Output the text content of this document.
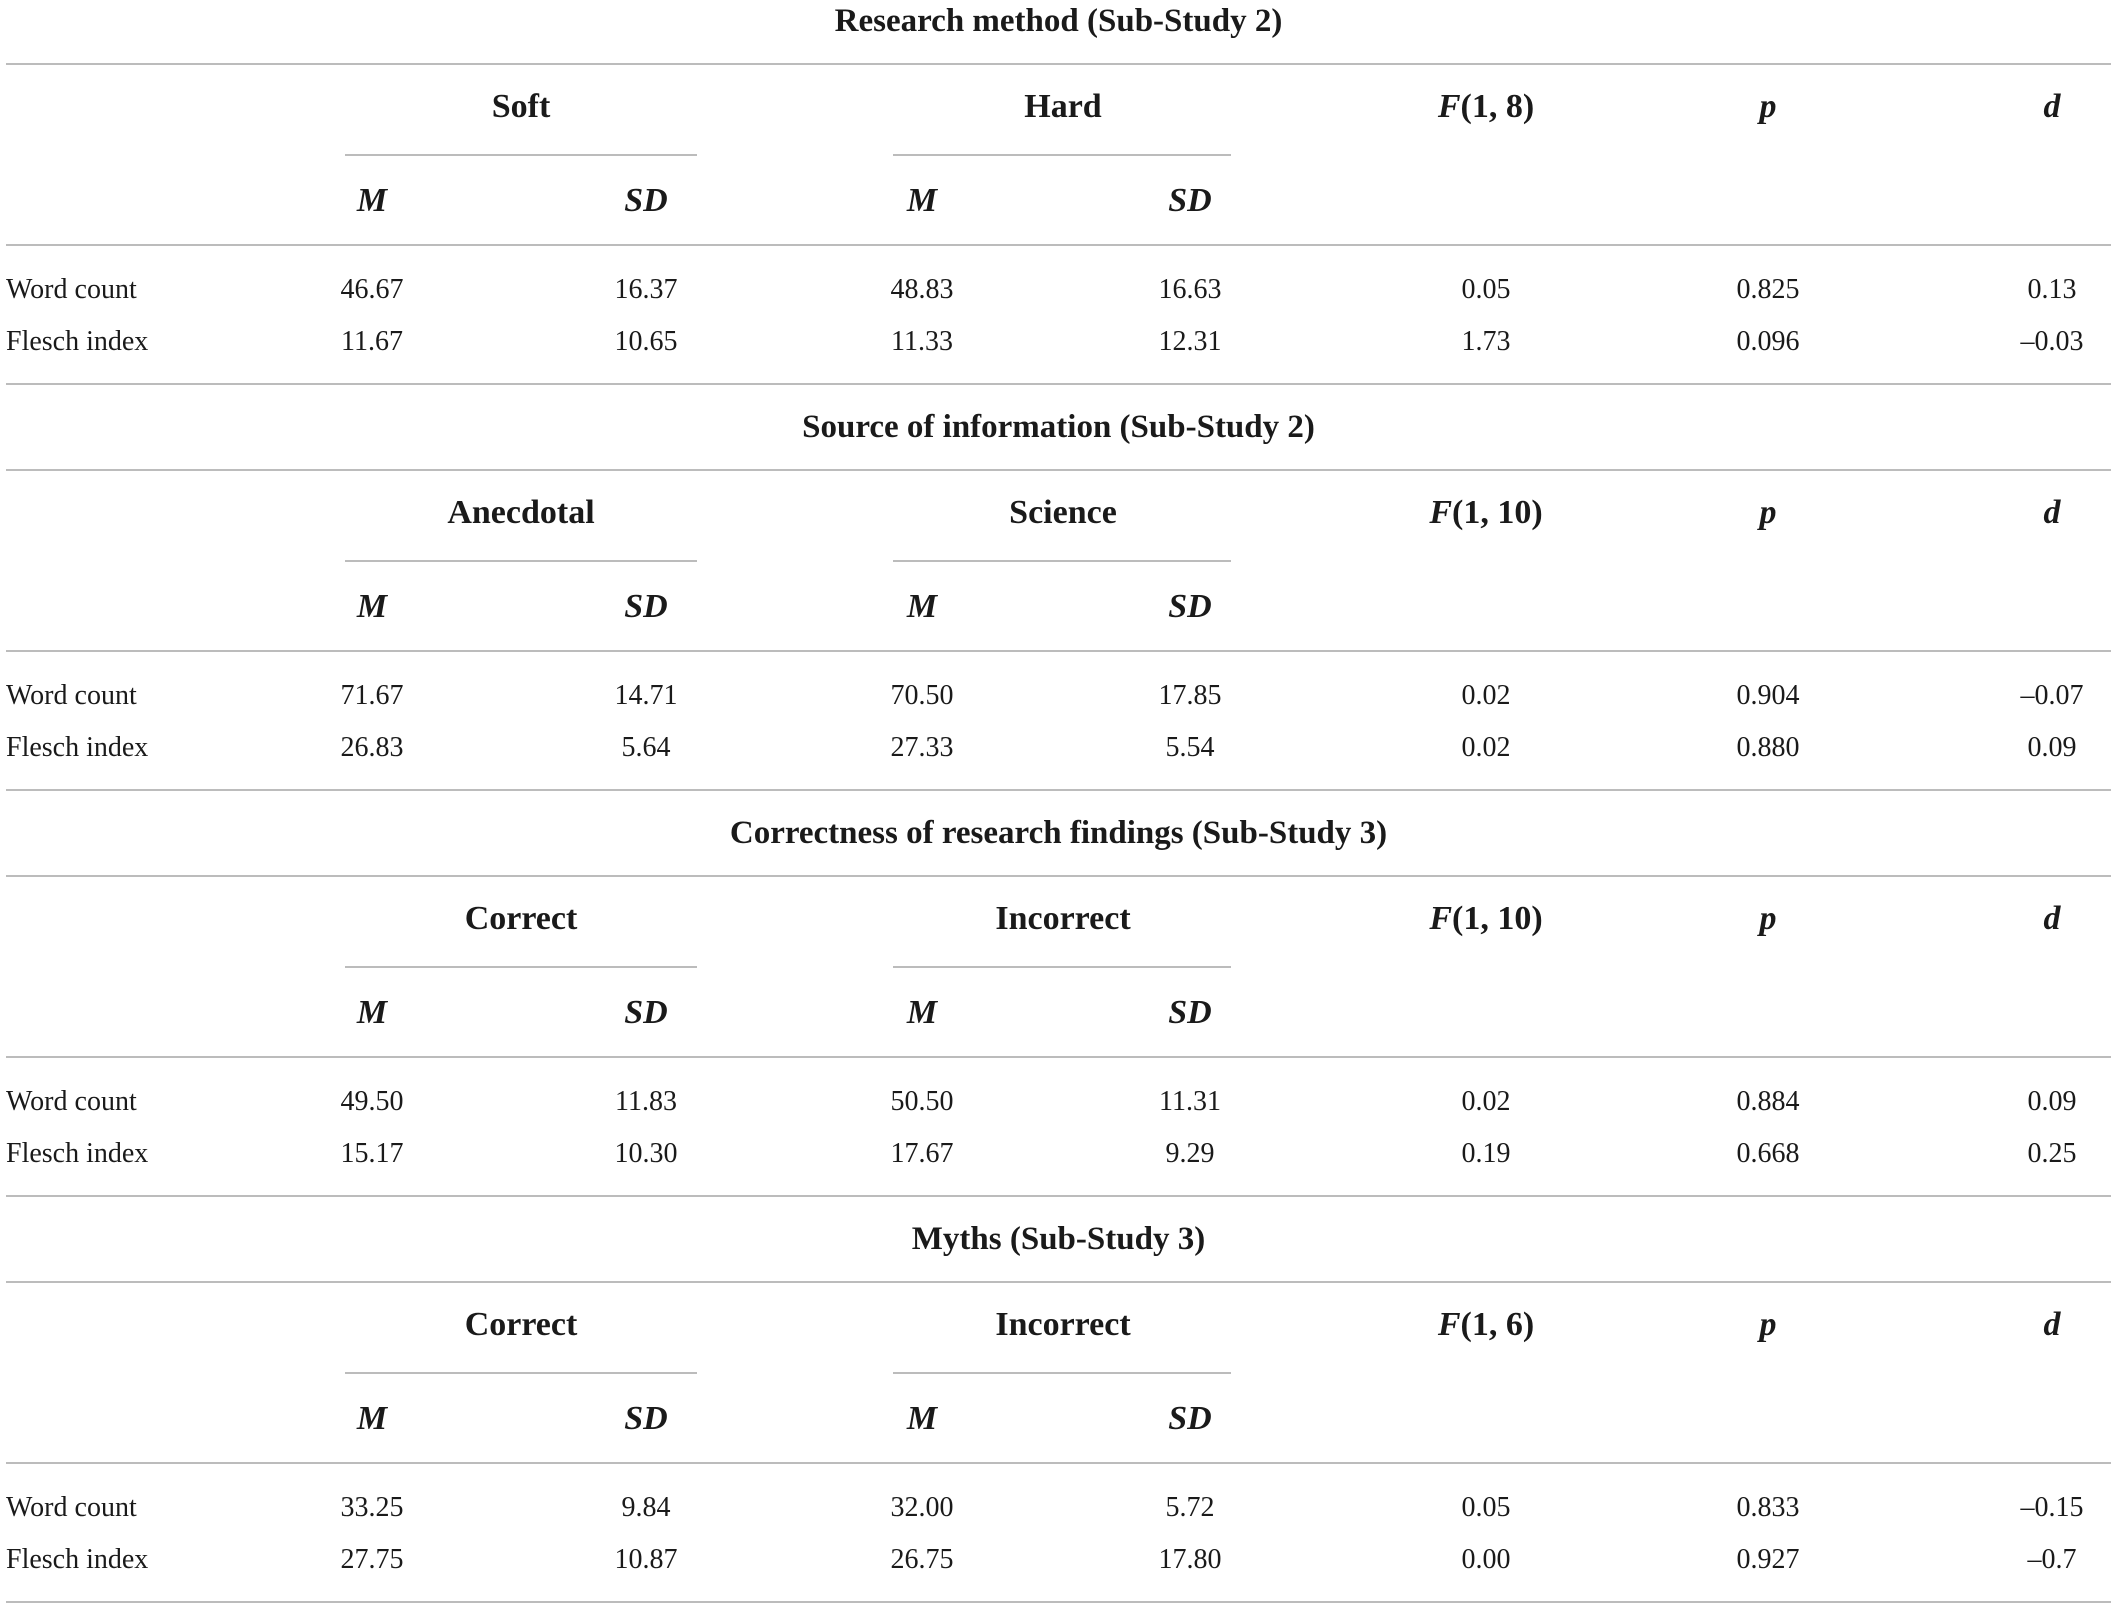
Research method (Sub-Study 2)
Soft	Hard	F(1, 8)	p	d
M	SD	M	SD
Word count	46.67	16.37	48.83	16.63	0.05	0.825	0.13
Flesch index	11.67	10.65	11.33	12.31	1.73	0.096	–0.03
Source of information (Sub-Study 2)
Anecdotal	Science	F(1, 10)	p	d
M	SD	M	SD
Word count	71.67	14.71	70.50	17.85	0.02	0.904	–0.07
Flesch index	26.83	5.64	27.33	5.54	0.02	0.880	0.09
Correctness of research findings (Sub-Study 3)
Correct	Incorrect	F(1, 10)	p	d
M	SD	M	SD
Word count	49.50	11.83	50.50	11.31	0.02	0.884	0.09
Flesch index	15.17	10.30	17.67	9.29	0.19	0.668	0.25
Myths (Sub-Study 3)
Correct	Incorrect	F(1, 6)	p	d
M	SD	M	SD
Word count	33.25	9.84	32.00	5.72	0.05	0.833	–0.15
Flesch index	27.75	10.87	26.75	17.80	0.00	0.927	–0.7
